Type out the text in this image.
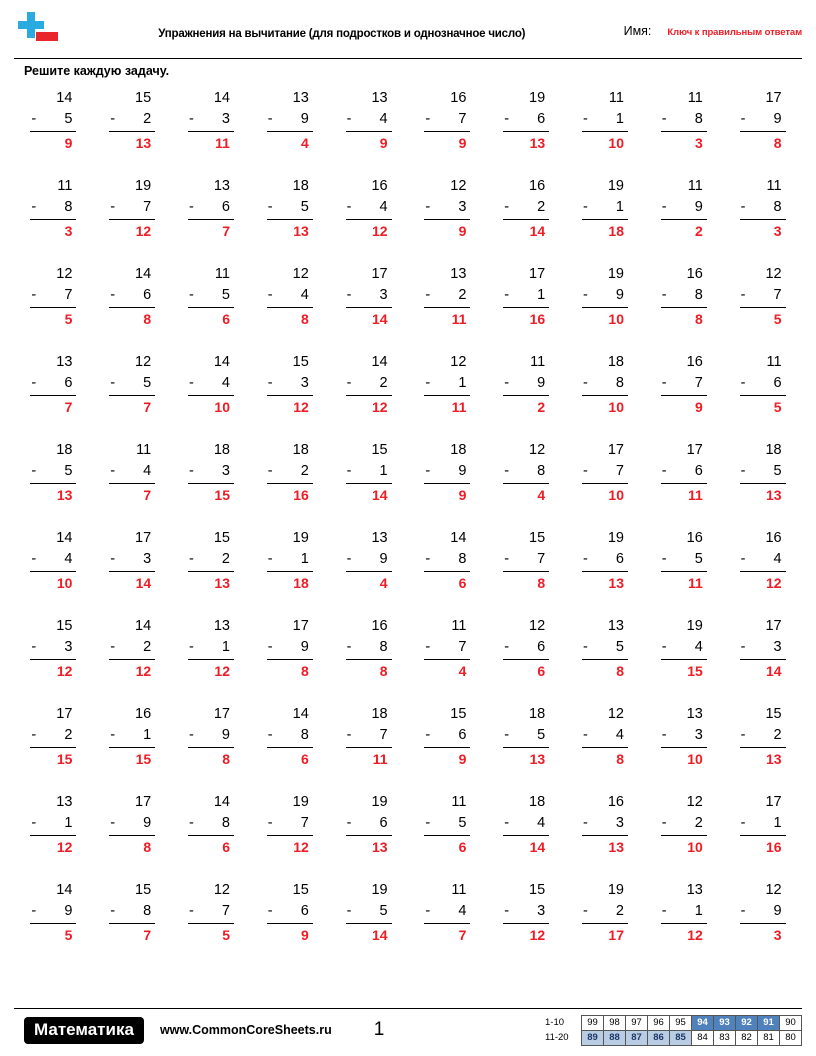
Упражнения на вычитание (для подростков и однозначное число)	Имя: Ключ к правильным ответам
Решите каждую задачу.
14
- 5
9
15
- 2
13
14
- 3
11
13
- 9
4
13
- 4
9
16
- 7
9
19
- 6
13
11
- 1
10
11
- 8
3
17
- 9
8
11
- 8
3
19
- 7
12
13
- 6
7
18
- 5
13
16
- 4
12
12
- 3
9
16
- 2
14
19
- 1
18
11
- 9
2
11
- 8
3
12
- 7
5
14
- 6
8
11
- 5
6
12
- 4
8
17
- 3
14
13
- 2
11
17
- 1
16
19
- 9
10
16
- 8
8
12
- 7
5
13
- 6
7
12
- 5
7
14
- 4
10
15
- 3
12
14
- 2
12
12
- 1
11
11
- 9
2
18
- 8
10
16
- 7
9
11
- 6
5
18
- 5
13
11
- 4
7
18
- 3
15
18
- 2
16
15
- 1
14
18
- 9
9
12
- 8
4
17
- 7
10
17
- 6
11
18
- 5
13
14
- 4
10
17
- 3
14
15
- 2
13
19
- 1
18
13
- 9
4
14
- 8
6
15
- 7
8
19
- 6
13
16
- 5
11
16
- 4
12
15
- 3
12
14
- 2
12
13
- 1
12
17
- 9
8
16
- 8
8
11
- 7
4
12
- 6
6
13
- 5
8
19
- 4
15
17
- 3
14
17
- 2
15
16
- 1
15
17
- 9
8
14
- 8
6
18
- 7
11
15
- 6
9
18
- 5
13
12
- 4
8
13
- 3
10
15
- 2
13
13
- 1
12
17
- 9
8
14
- 8
6
19
- 7
12
19
- 6
13
11
- 5
6
18
- 4
14
16
- 3
13
12
- 2
10
17
- 1
16
14
- 9
5
15
- 8
7
12
- 7
5
15
- 6
9
19
- 5
14
11
- 4
7
15
- 3
12
19
- 2
17
13
- 1
12
12
- 9
3
Математика	www.CommonCoreSheets.ru 1	1-10	99	98	97	96	95	94	93	92	91	90
11-20	89	88	87	86	85	84	83	82	81	80
